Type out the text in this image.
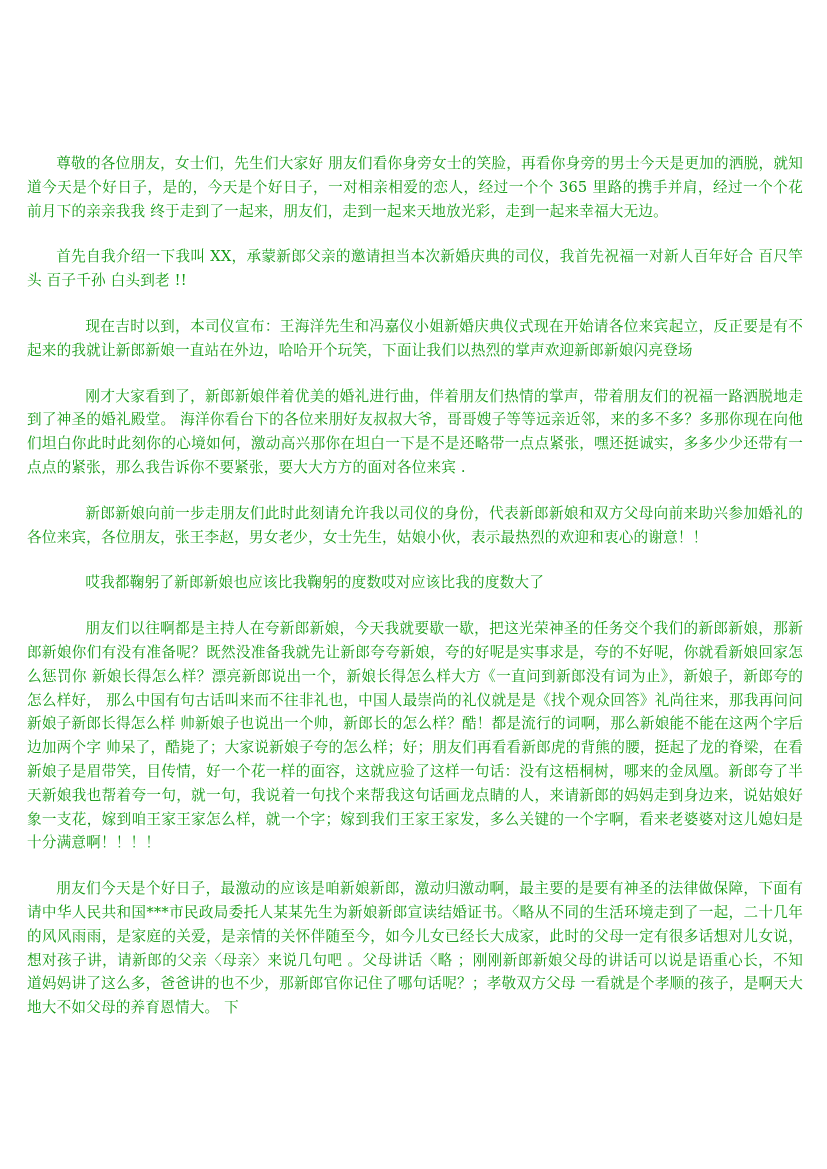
尊敬的各位朋友，女士们，先生们大家好 朋友们看你身旁女士的笑脸，再看你身旁的男士今天是更加的洒脱，就知道今天是个好日子，是的，今天是个好日子，一对相亲相爱的恋人，经过一个个 365 里路的携手并肩，经过一个个花前月下的亲亲我我 终于走到了一起来，朋友们，走到一起来天地放光彩，走到一起来幸福大无边。

首先自我介绍一下我叫 XX，承蒙新郎父亲的邀请担当本次新婚庆典的司仪，我首先祝福一对新人百年好合 百尺竿头 百子千孙 白头到老 !!

现在吉时以到，本司仪宣布：王海洋先生和冯嘉仪小姐新婚庆典仪式现在开始请各位来宾起立，反正要是有不起来的我就让新郎新娘一直站在外边，哈哈开个玩笑，下面让我们以热烈的掌声欢迎新郎新娘闪亮登场

刚才大家看到了，新郎新娘伴着优美的婚礼进行曲，伴着朋友们热情的掌声，带着朋友们的祝福一路洒脱地走到了神圣的婚礼殿堂。 海洋你看台下的各位来朋好友叔叔大爷，哥哥嫂子等等远亲近邻，来的多不多？多那你现在向他们坦白你此时此刻你的心境如何，激动高兴那你在坦白一下是不是还略带一点点紧张，嘿还挺诚实，多多少少还带有一点点的紧张，那么我告诉你不要紧张，要大大方方的面对各位来宾 .

新郎新娘向前一步走朋友们此时此刻请允许我以司仪的身份，代表新郎新娘和双方父母向前来助兴参加婚礼的各位来宾，各位朋友，张王李赵，男女老少，女士先生，姑娘小伙，表示最热烈的欢迎和衷心的谢意！！

哎我都鞠躬了新郎新娘也应该比我鞠躬的度数哎对应该比我的度数大了

朋友们以往啊都是主持人在夸新郎新娘，今天我就要歇一歇，把这光荣神圣的任务交个我们的新郎新娘，那新郎新娘你们有没有准备呢？既然没准备我就先让新郎夸夸新娘，夸的好呢是实事求是，夸的不好呢，你就看新娘回家怎么惩罚你 新娘长得怎么样？漂亮新郎说出一个，新娘长得怎么样大方《一直问到新郎没有词为止》，新娘子，新郎夸的怎么样好， 那么中国有句古话叫来而不往非礼也，中国人最崇尚的礼仪就是是《找个观众回答》礼尚往来，那我再问问新娘子新郎长得怎么样 帅新娘子也说出一个帅，新郎长的怎么样？酷！都是流行的词啊，那么新娘能不能在这两个字后边加两个字 帅呆了，酷毙了；大家说新娘子夸的怎么样；好；朋友们再看看新郎虎的背熊的腰，挺起了龙的脊梁，在看新娘子是眉带笑，目传情，好一个花一样的面容，这就应验了这样一句话：没有这梧桐树，哪来的金凤凰。新郎夸了半天新娘我也帮着夸一句，就一句，我说着一句找个来帮我这句话画龙点睛的人，来请新郎的妈妈走到身边来，说姑娘好象一支花，嫁到咱王家王家怎么样，就一个字；嫁到我们王家王家发，多么关键的一个字啊，看来老婆婆对这儿媳妇是十分满意啊！！！！

朋友们今天是个好日子，最激动的应该是咱新娘新郎，激动归激动啊，最主要的是要有神圣的法律做保障，下面有请中华人民共和国***市民政局委托人某某先生为新娘新郎宣读结婚证书。〈略从不同的生活环境走到了一起，二十几年的风风雨雨，是家庭的关爱，是亲情的关怀伴随至今，如今儿女已经长大成家，此时的父母一定有很多话想对儿女说，想对孩子讲，请新郎的父亲〈母亲〉来说几句吧 。父母讲话〈略 ；刚刚新郎新娘父母的讲话可以说是语重心长，不知道妈妈讲了这么多，爸爸讲的也不少，那新郎官你记住了哪句话呢？；孝敬双方父母 一看就是个孝顺的孩子，是啊天大地大不如父母的养育恩情大。 下
